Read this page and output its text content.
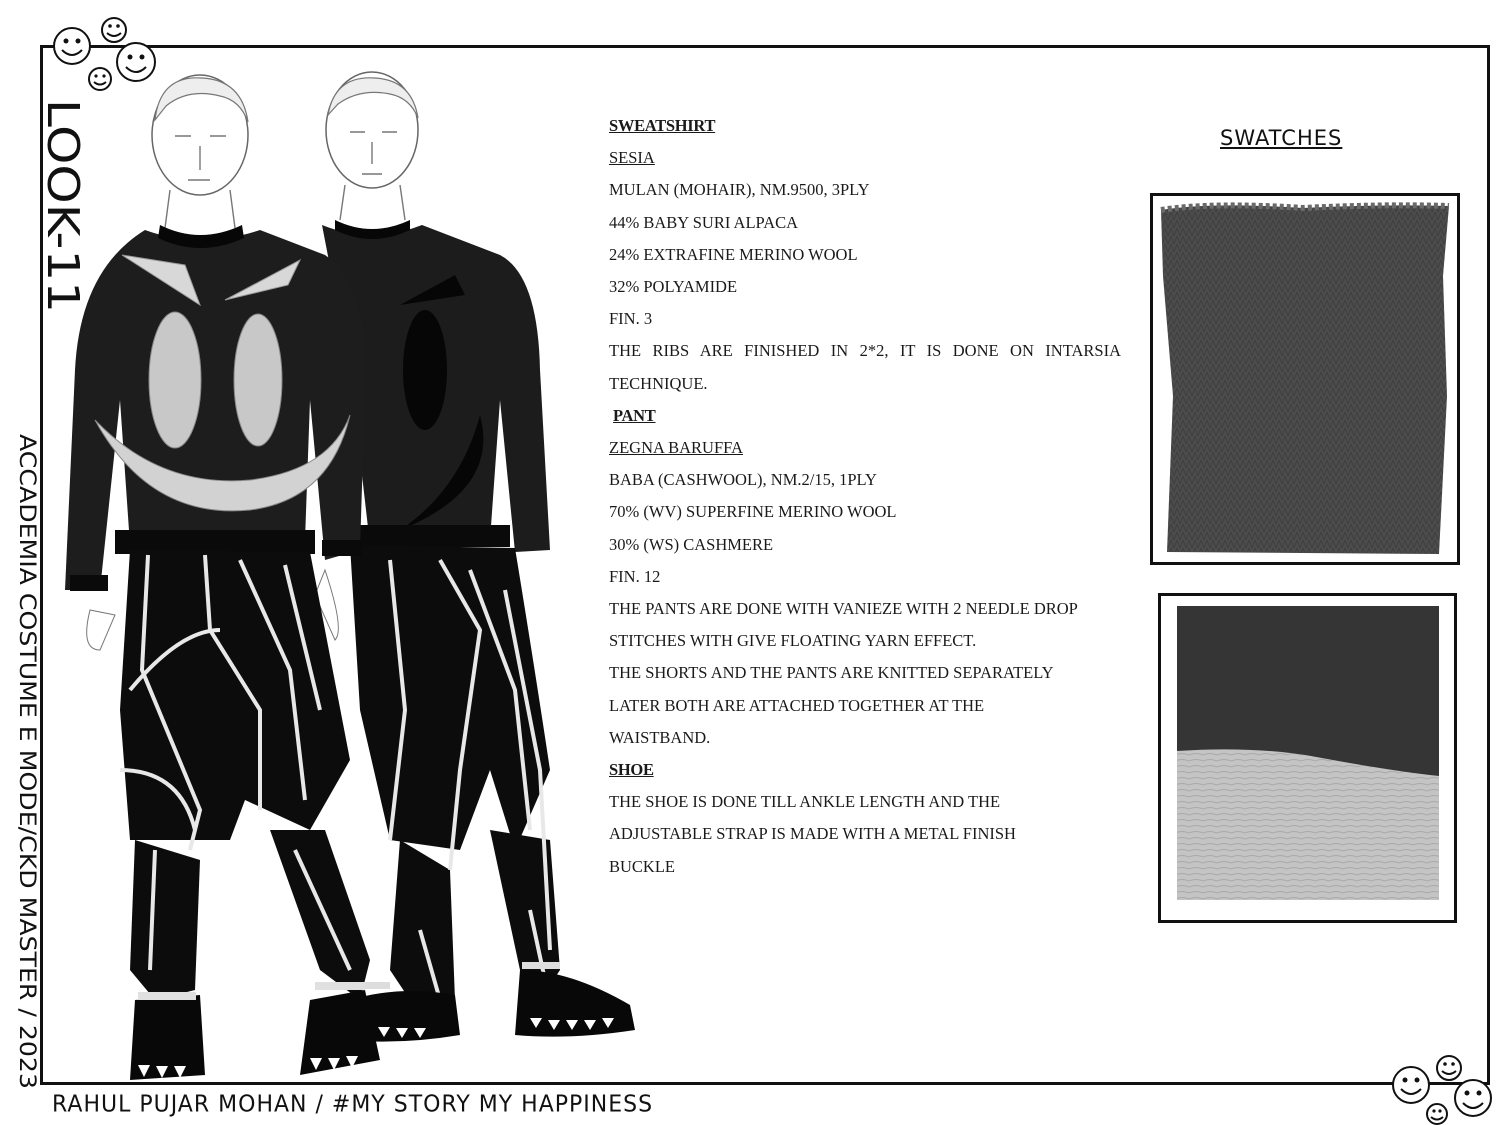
LOOK-11
ACCADEMIA COSTUME E MODE/CKD MASTER / 2023
SWEATSHIRT
SESIA
MULAN (MOHAIR), NM.9500, 3PLY
44% BABY SURI ALPACA
24% EXTRAFINE MERINO WOOL
32% POLYAMIDE
FIN. 3
THE RIBS ARE FINISHED IN 2*2, IT IS DONE ON INTARSIA
TECHNIQUE.
PANT
ZEGNA BARUFFA
BABA (CASHWOOL), NM.2/15, 1PLY
70% (WV) SUPERFINE MERINO WOOL
30% (WS) CASHMERE
FIN. 12
THE PANTS ARE DONE WITH VANIEZE WITH 2 NEEDLE DROP
STITCHES WITH GIVE FLOATING YARN EFFECT.
THE SHORTS AND THE PANTS ARE KNITTED SEPARATELY
LATER BOTH ARE ATTACHED TOGETHER AT THE
WAISTBAND.
SHOE
THE SHOE IS DONE TILL ANKLE LENGTH AND THE
ADJUSTABLE STRAP IS MADE WITH A METAL FINISH
BUCKLE
SWATCHES
RAHUL PUJAR MOHAN / #MY STORY MY HAPPINESS
